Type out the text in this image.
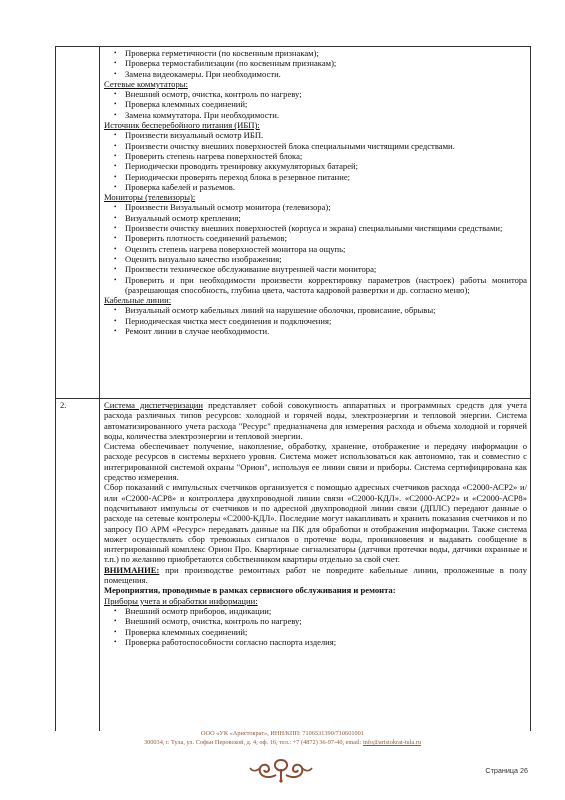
• Проверка герметичности (по косвенным признакам);
• Проверка термостабилизации (по косвенным признакам);
• Замена видеокамеры. При необходимости.
Сетевые коммутаторы:
• Внешний осмотр, очистка, контроль по нагреву;
• Проверка клеммных соединений;
• Замена коммутатора. При необходимости.
Источник бесперебойного питания (ИБП):
• Произвести визуальный осмотр ИБП.
• Произвести очистку внешних поверхностей блока специальными чистящими средствами.
• Проверить степень нагрева поверхностей блока;
• Периодически проводить тренировку аккумуляторных батарей;
• Периодически проверять переход блока в резервное питание;
• Проверка кабелей и разъемов.
Мониторы (телевизоры):
• Произвести Визуальный осмотр монитора (телевизора);
• Визуальный осмотр крепления;
• Произвести очистку внешних поверхностей (корпуса и экрана) специальными чистящими средствами;
• Проверить плотность соединений разъемов;
• Оценить степень нагрева поверхностей монитора на ощупь;
• Оценить визуально качество изображения;
• Произвести техническое обслуживание внутренней части монитора;
• Проверить и при необходимости произвести корректировку параметров (настроек) работы монитора (разрешающая способность, глубина цвета, частота кадровой развертки и др. согласно меню);
Кабельные линии:
• Визуальный осмотр кабельных линий на нарушение оболочки, провисание, обрывы;
• Периодическая чистка мест соединения и подключения;
• Ремонт линии в случае необходимости.
2.	Система диспетчеризации представляет собой совокупность аппаратных и программных средств для учета расхода различных типов ресурсов: холодной и горячей воды, электроэнергии и тепловой энергии. Система автоматизированного учета расхода "Ресурс" предназначена для измерения расхода и объема холодной и горячей воды, количества электроэнергии и тепловой энергии.
Система обеспечивает получение, накопление, обработку, хранение, отображение и передачу информации о расходе ресурсов в системы верхнего уровня. Система может использоваться как автономно, так и совместно с интегрированной системой охраны "Орион", используя ее линии связи и приборы. Система сертифицирована как средство измерения.
Сбор показаний с импульсных счетчиков организуется с помощью адресных счетчиков расхода «С2000-АСР2» и/или «С2000-АСР8» и контроллера двухпроводной линии связи «С2000-КДЛ». «С2000-АСР2» и «С2000-АСР8» подсчитывают импульсы от счетчиков и по адресной двухпроводной линии связи (ДПЛС) передают данные о расходе на сетевые контролеры «С2000-КДЛ». Последние могут накапливать и хранить показания счетчиков и по запросу ПО АРМ «Ресурс» передавать данные на ПК для обработки и отображения информации. Также система может осуществлять сбор тревожных сигналов о протечке воды, проникновения и выдавать сообщение в интегрированный комплекс Орион Про. Квартирные сигнализаторы (датчики протечки воды, датчики охранные и т.п.) по желанию приобретаются собственником квартиры отдельно за свой счет.
ВНИМАНИЕ: при производстве ремонтных работ не повредите кабельные линии, проложенные в полу помещения.
Мероприятия, проводимые в рамках сервисного обслуживания и ремонта:
Приборы учета и обработки информации:
• Внешний осмотр приборов, индикации;
• Внешний осмотр, очистка, контроль по нагреву;
• Проверка клеммных соединений;
• Проверка работоспособности согласно паспорта изделия;
ООО «УК «Аристократ», ИНН/КПП: 7106531390/710601001
300034, г. Тула, ул. Софьи Перовской, д. 4, оф. 16, тел.: +7 (4872) 36-97-40, email: info@aristokrat-tula.ru
Страница 26
